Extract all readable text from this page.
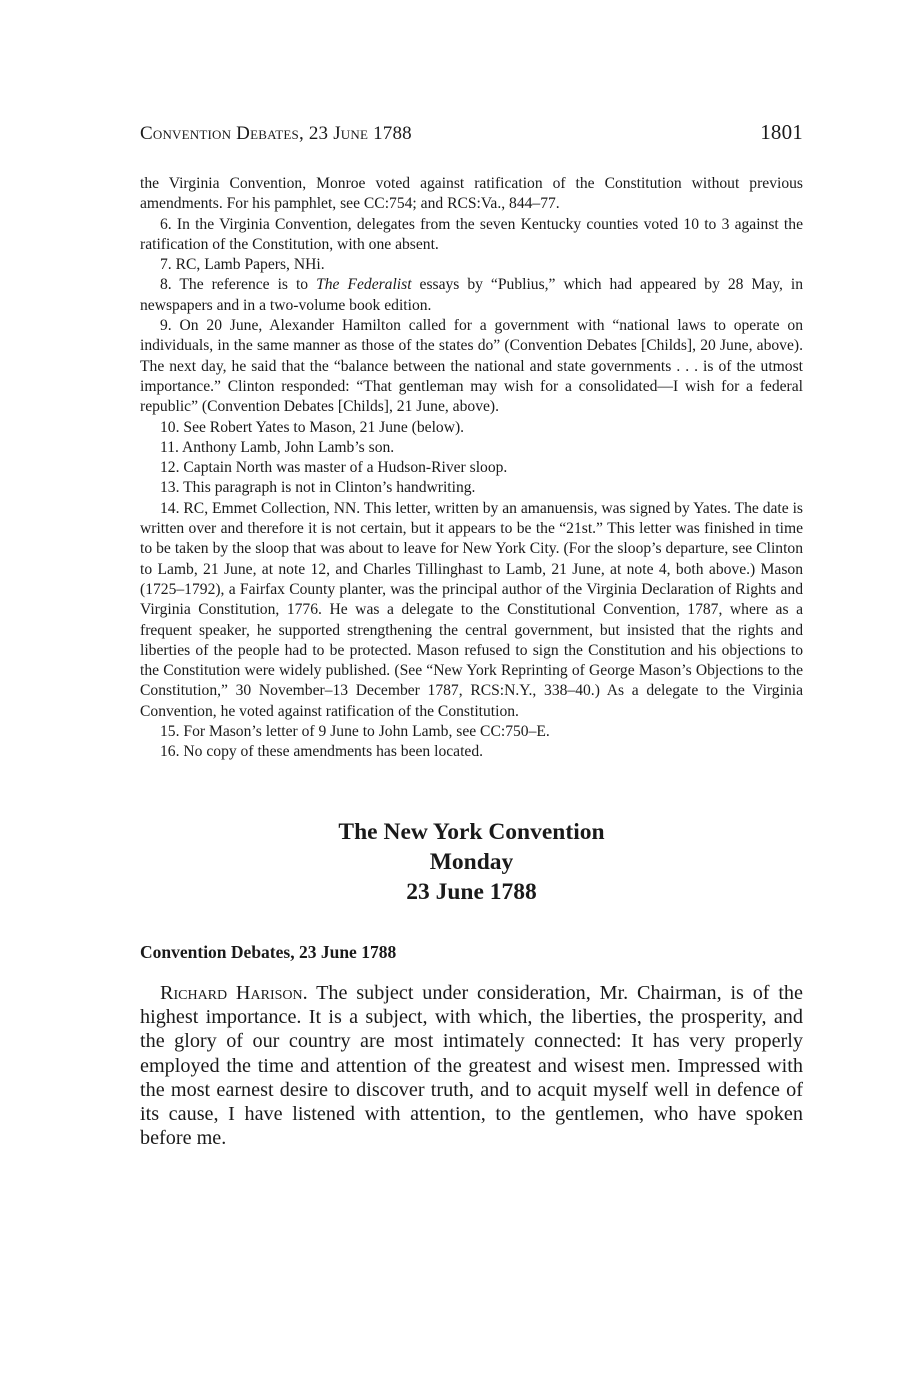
Convention Debates, 23 June 1788	1801

the Virginia Convention, Monroe voted against ratification of the Constitution without previous amendments. For his pamphlet, see CC:754; and RCS:Va., 844–77.

6. In the Virginia Convention, delegates from the seven Kentucky counties voted 10 to 3 against the ratification of the Constitution, with one absent.

7. RC, Lamb Papers, NHi.

8. The reference is to The Federalist essays by “Publius,” which had appeared by 28 May, in newspapers and in a two-volume book edition.

9. On 20 June, Alexander Hamilton called for a government with “national laws to operate on individuals, in the same manner as those of the states do” (Convention Debates [Childs], 20 June, above). The next day, he said that the “balance between the national and state governments . . . is of the utmost importance.” Clinton responded: “That gentleman may wish for a consolidated—I wish for a federal republic” (Convention Debates [Childs], 21 June, above).

10. See Robert Yates to Mason, 21 June (below).

11. Anthony Lamb, John Lamb’s son.

12. Captain North was master of a Hudson-River sloop.

13. This paragraph is not in Clinton’s handwriting.

14. RC, Emmet Collection, NN. This letter, written by an amanuensis, was signed by Yates. The date is written over and therefore it is not certain, but it appears to be the “21st.” This letter was finished in time to be taken by the sloop that was about to leave for New York City. (For the sloop’s departure, see Clinton to Lamb, 21 June, at note 12, and Charles Tillinghast to Lamb, 21 June, at note 4, both above.) Mason (1725–1792), a Fairfax County planter, was the principal author of the Virginia Declaration of Rights and Virginia Constitution, 1776. He was a delegate to the Constitutional Convention, 1787, where as a frequent speaker, he supported strengthening the central government, but insisted that the rights and liberties of the people had to be protected. Mason refused to sign the Constitution and his objections to the Constitution were widely published. (See “New York Reprinting of George Mason’s Objections to the Constitution,” 30 November–13 December 1787, RCS:N.Y., 338–40.) As a delegate to the Virginia Convention, he voted against ratification of the Constitution.

15. For Mason’s letter of 9 June to John Lamb, see CC:750–E.

16. No copy of these amendments has been located.

The New York Convention
Monday
23 June 1788
Convention Debates, 23 June 1788

Richard Harison. The subject under consideration, Mr. Chairman, is of the highest importance. It is a subject, with which, the liberties, the prosperity, and the glory of our country are most intimately connected: It has very properly employed the time and attention of the greatest and wisest men. Impressed with the most earnest desire to discover truth, and to acquit myself well in defence of its cause, I have listened with attention, to the gentlemen, who have spoken before me.
